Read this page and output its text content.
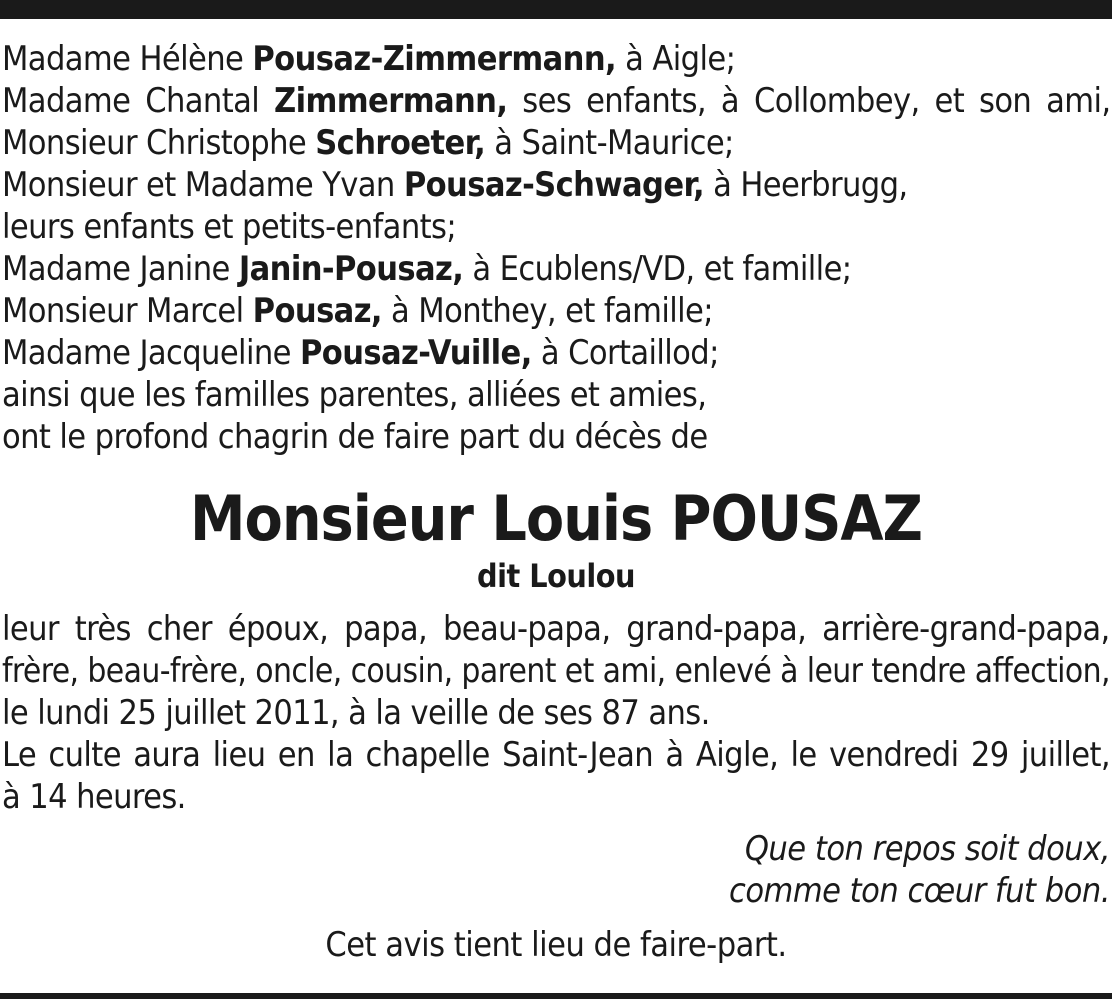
Madame Hélène Pousaz-Zimmermann, à Aigle;
Madame Chantal Zimmermann, ses enfants, à Collombey, et son ami,
Monsieur Christophe Schroeter, à Saint-Maurice;
Monsieur et Madame Yvan Pousaz-Schwager, à Heerbrugg,
leurs enfants et petits-enfants;
Madame Janine Janin-Pousaz, à Ecublens/VD, et famille;
Monsieur Marcel Pousaz, à Monthey, et famille;
Madame Jacqueline Pousaz-Vuille, à Cortaillod;
ainsi que les familles parentes, alliées et amies,
ont le profond chagrin de faire part du décès de
Monsieur Louis POUSAZ
dit Loulou
leur très cher époux, papa, beau-papa, grand-papa, arrière-grand-papa,
frère, beau-frère, oncle, cousin, parent et ami, enlevé à leur tendre affection,
le lundi 25 juillet 2011, à la veille de ses 87 ans.
Le culte aura lieu en la chapelle Saint-Jean à Aigle, le vendredi 29 juillet,
à 14 heures.
Que ton repos soit doux,
comme ton cœur fut bon.
Cet avis tient lieu de faire-part.
